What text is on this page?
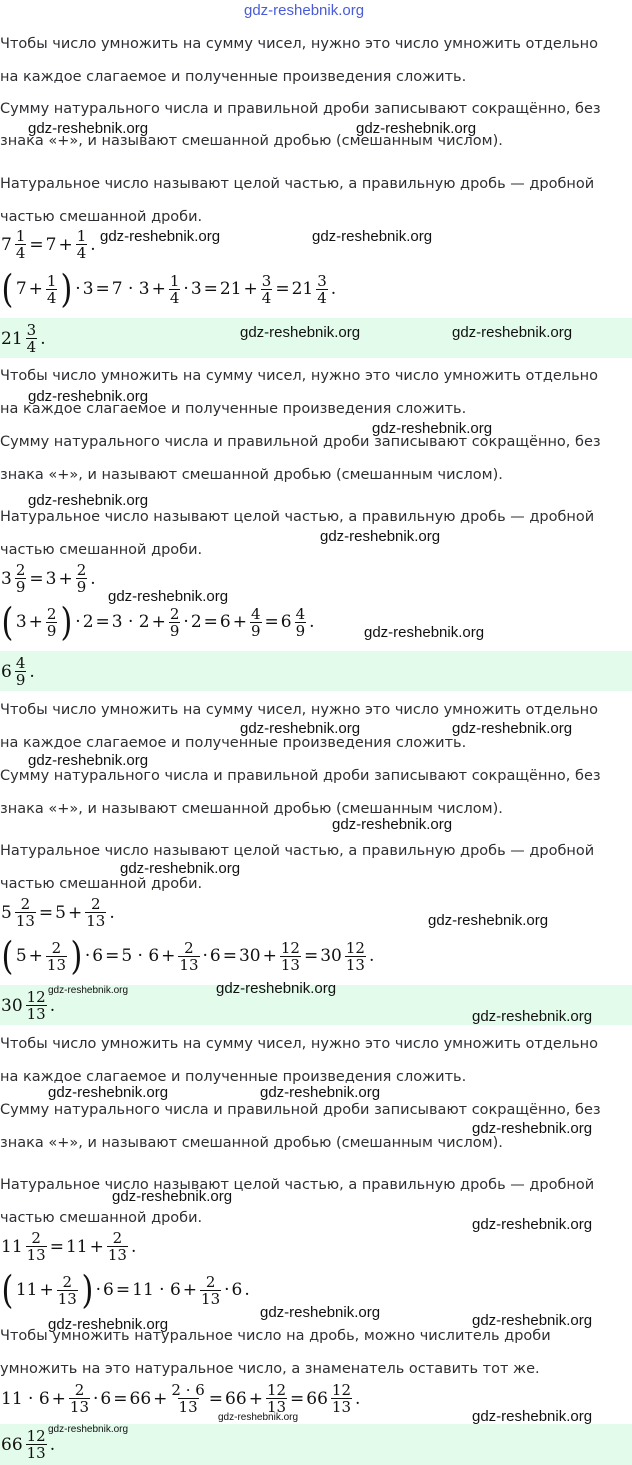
gdz-reshebnik.org

Чтобы число умножить на сумму чисел, нужно это число умножить отдельно

на каждое слагаемое и полученные произведения сложить.

Сумму натурального числа и правильной дроби записывают сокращённо, без

знака «+», и называют смешанной дробью (смешанным числом).

Натуральное число называют целой частью, а правильную дробь — дробной

частью смешанной дроби.

$7 \frac{1}{4} = 7 + \frac{1}{4}$ .
( $7 + \frac{1}{4}$ ) · $3 = 7 \cdot 3 + \frac{1}{4} \cdot 3 = 21 + \frac{3}{4} = 21 \frac{3}{4}$ .
$21 \frac{3}{4}$ .

Чтобы число умножить на сумму чисел, нужно это число умножить отдельно

на каждое слагаемое и полученные произведения сложить.

Сумму натурального числа и правильной дроби записывают сокращённо, без

знака «+», и называют смешанной дробью (смешанным числом).

Натуральное число называют целой частью, а правильную дробь — дробной

частью смешанной дроби.

$3 \frac{2}{9} = 3 + \frac{2}{9}$ .
( $3 + \frac{2}{9}$ ) · $2 = 3 \cdot 2 + \frac{2}{9} \cdot 2 = 6 + \frac{4}{9} = 6 \frac{4}{9}$ .
$6 \frac{4}{9}$ .

Чтобы число умножить на сумму чисел, нужно это число умножить отдельно

на каждое слагаемое и полученные произведения сложить.

Сумму натурального числа и правильной дроби записывают сокращённо, без

знака «+», и называют смешанной дробью (смешанным числом).

Натуральное число называют целой частью, а правильную дробь — дробной

частью смешанной дроби.

$5 \frac{2}{13} = 5 + \frac{2}{13}$ .
( $5 + \frac{2}{13}$ ) · $6 = 5 \cdot 6 + \frac{2}{13} \cdot 6 = 30 + \frac{12}{13} = 30 \frac{12}{13}$ .
$30 \frac{12}{13}$ .

Чтобы число умножить на сумму чисел, нужно это число умножить отдельно

на каждое слагаемое и полученные произведения сложить.

Сумму натурального числа и правильной дроби записывают сокращённо, без

знака «+», и называют смешанной дробью (смешанным числом).

Натуральное число называют целой частью, а правильную дробь — дробной

частью смешанной дроби.

$11 \frac{2}{13} = 11 + \frac{2}{13}$ .
( $11 + \frac{2}{13}$ ) · $6 = 11 \cdot 6 + \frac{2}{13} \cdot 6$ .

Чтобы умножить натуральное число на дробь, можно числитель дроби

умножить на это натуральное число, а знаменатель оставить тот же.

$11 \cdot 6 + \frac{2}{13} \cdot 6 = 66 + \frac{2 \cdot 6}{13} = 66 + \frac{12}{13} = 66 \frac{12}{13}$ .
$66 \frac{12}{13}$ .
gdz-reshebnik.org	gdz-reshebnik.org
gdz-reshebnik.org	gdz-reshebnik.org
gdz-reshebnik.org	gdz-reshebnik.org
gdz-reshebnik.org
gdz-reshebnik.org
gdz-reshebnik.org
gdz-reshebnik.org
gdz-reshebnik.org
gdz-reshebnik.org
gdz-reshebnik.org	gdz-reshebnik.org
gdz-reshebnik.org
gdz-reshebnik.org
gdz-reshebnik.org
gdz-reshebnik.org
gdz-reshebnik.org	gdz-reshebnik.org
gdz-reshebnik.org
gdz-reshebnik.org	gdz-reshebnik.org
gdz-reshebnik.org
gdz-reshebnik.org
gdz-reshebnik.org
gdz-reshebnik.org	gdz-reshebnik.org
gdz-reshebnik.org
gdz-reshebnik.org	gdz-reshebnik.org
gdz-reshebnik.org
